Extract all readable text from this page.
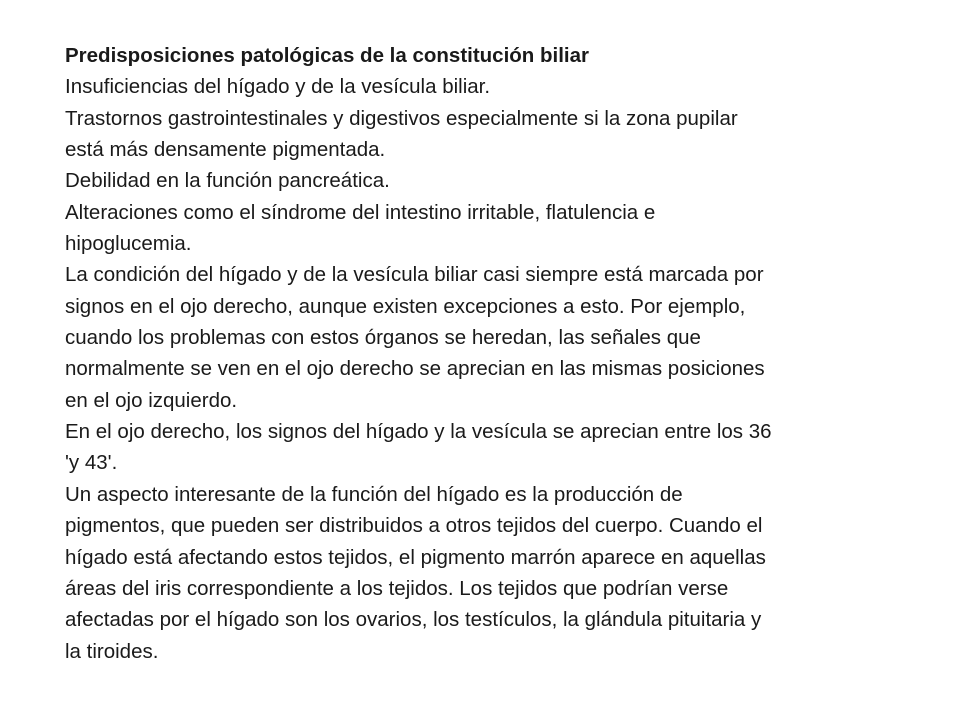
Predisposiciones patológicas de la constitución biliar
Insuficiencias del hígado y de la vesícula biliar.
Trastornos gastrointestinales y digestivos especialmente si la zona pupilar
está más densamente pigmentada.
Debilidad en la función pancreática.
Alteraciones como el síndrome del intestino irritable, flatulencia e
hipoglucemia.
La condición del hígado y de la vesícula biliar casi siempre está marcada por
signos en el ojo derecho, aunque existen excepciones a esto. Por ejemplo,
cuando los problemas con estos órganos se heredan, las señales que
normalmente se ven en el ojo derecho se aprecian en las mismas posiciones
en el ojo izquierdo.
En el ojo derecho, los signos del hígado y la vesícula se aprecian entre los 36
'y 43'.
Un aspecto interesante de la función del hígado es la producción de
pigmentos, que pueden ser distribuidos a otros tejidos del cuerpo. Cuando el
hígado está afectando estos tejidos, el pigmento marrón aparece en aquellas
áreas del iris correspondiente a los tejidos. Los tejidos que podrían verse
afectadas por el hígado son los ovarios, los testículos, la glándula pituitaria y
la tiroides.
